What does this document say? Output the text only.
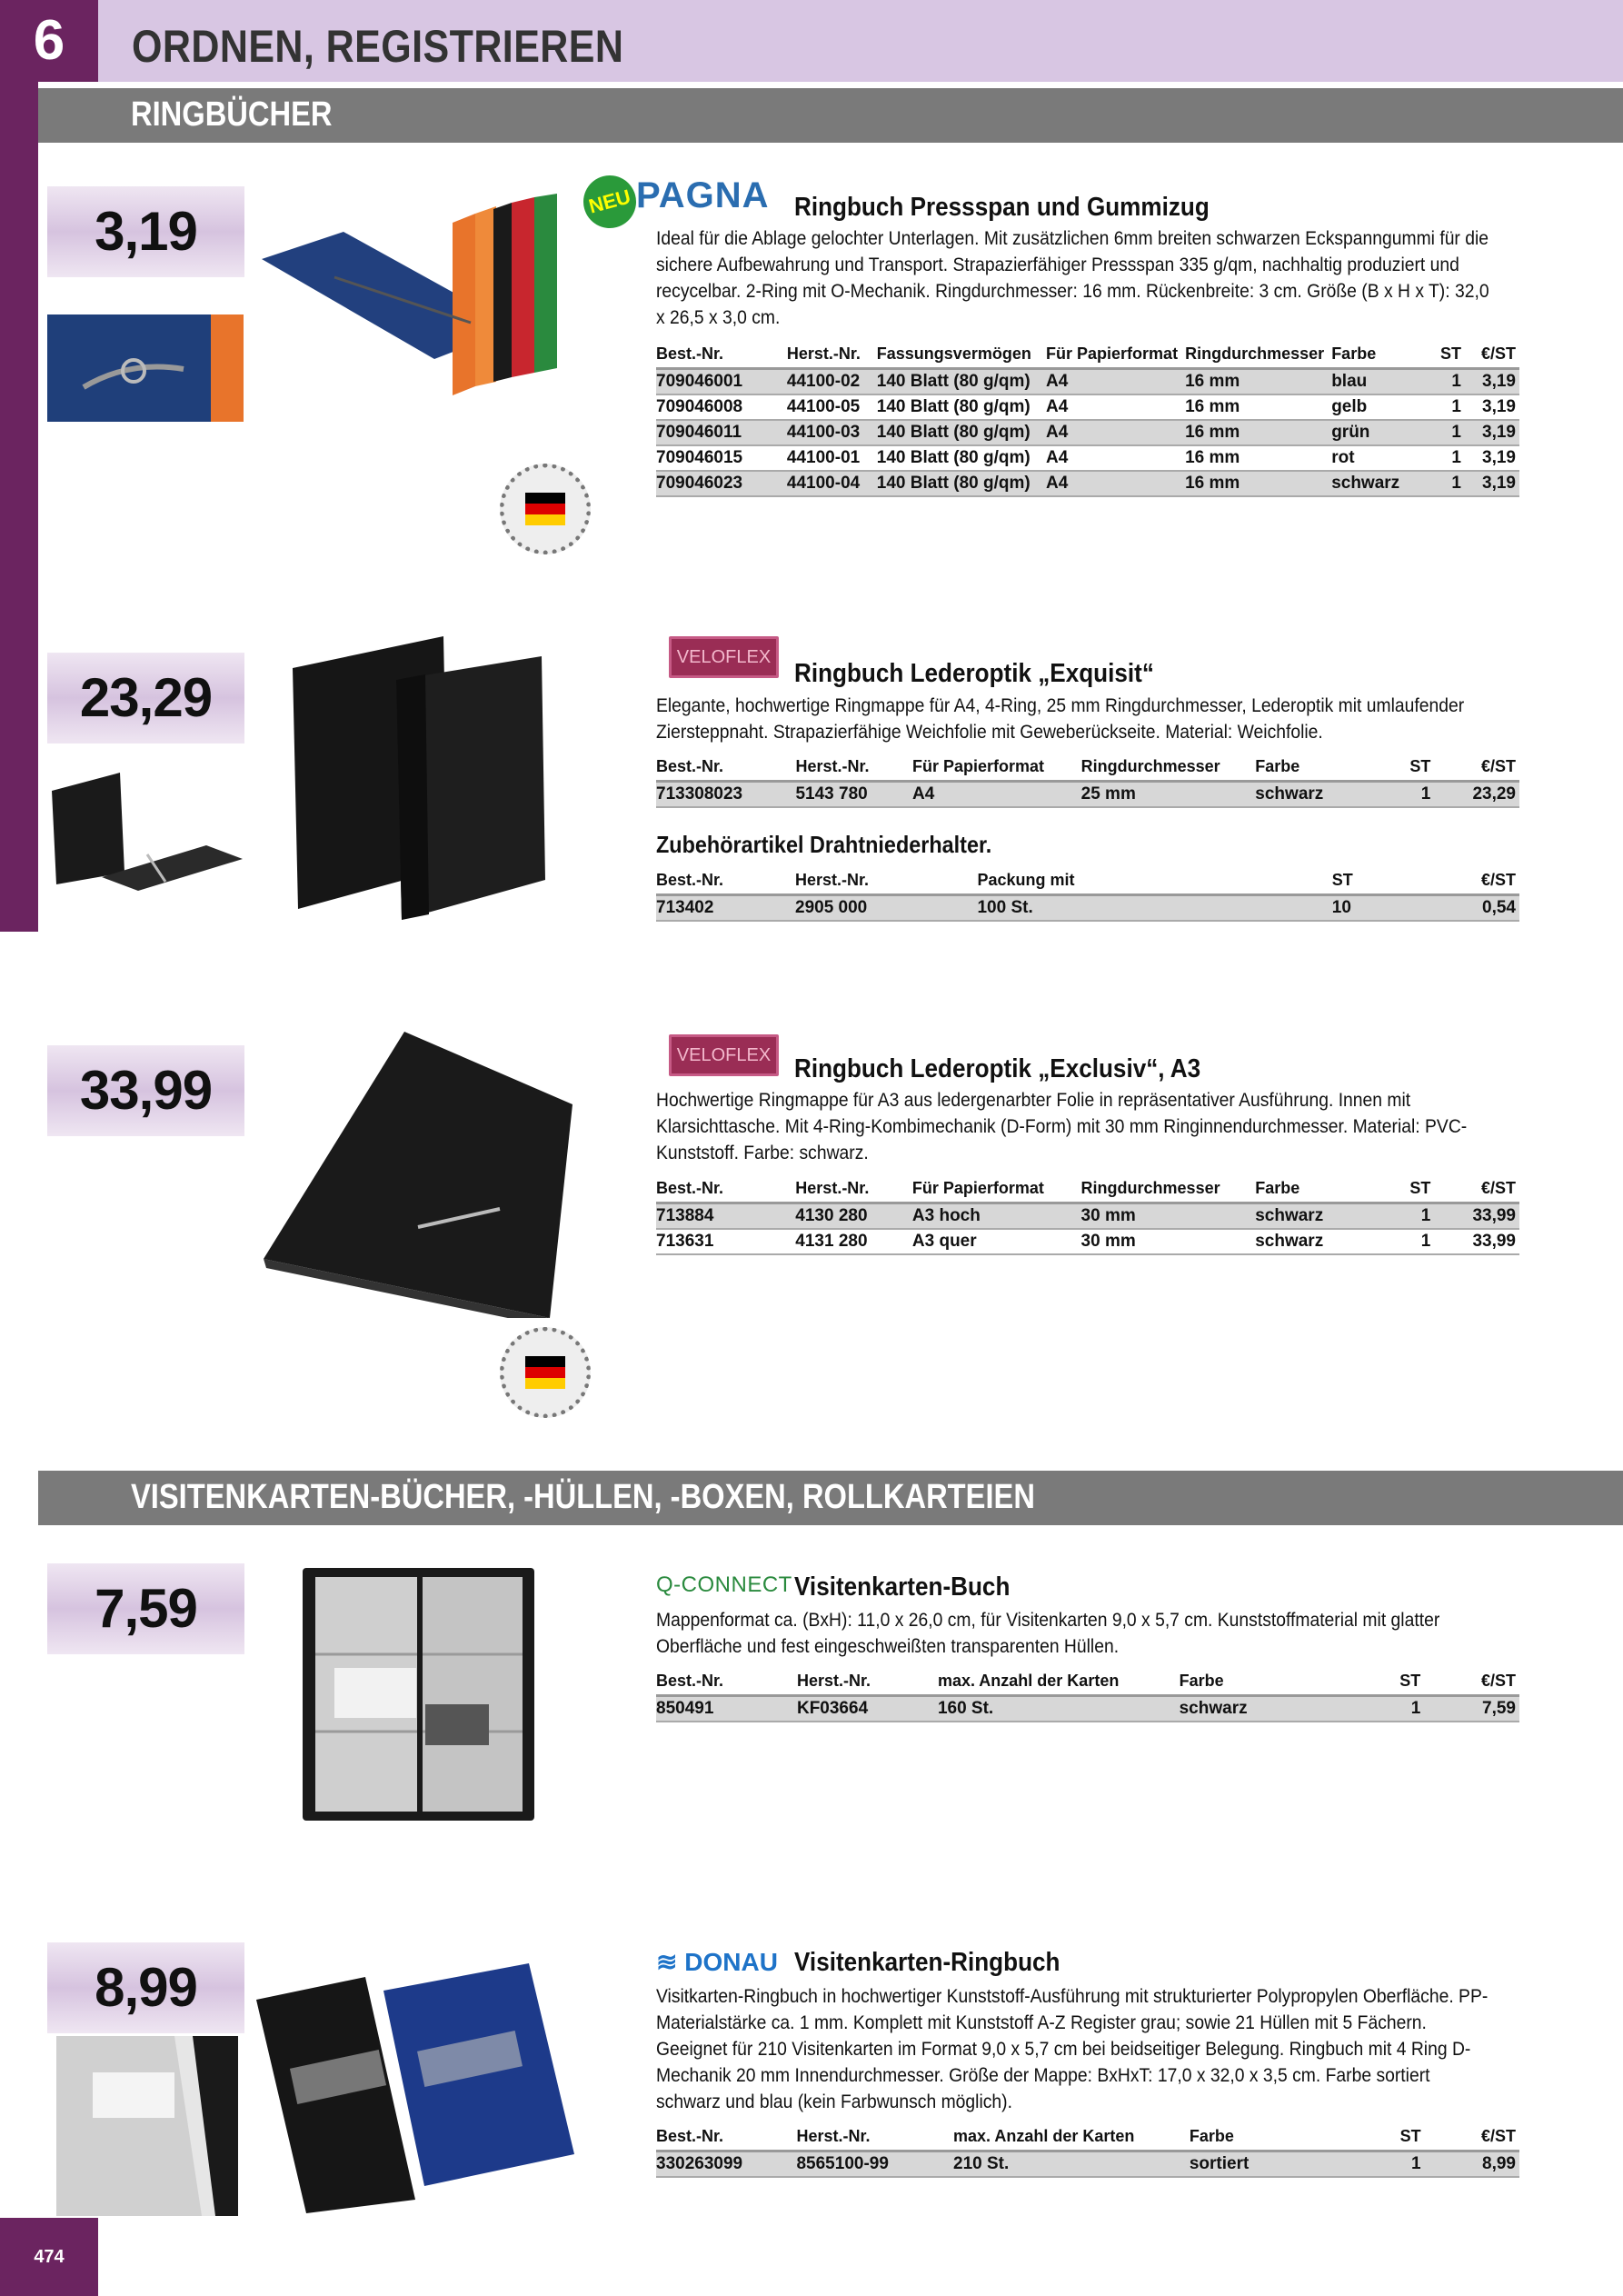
6	ORDNEN, REGISTRIEREN
RINGBÜCHER
3,19	NEU PAGNA Ringbuch Pressspan und Gummizug
Ideal für die Ablage gelochter Unterlagen. Mit zusätzlichen 6mm breiten schwarzen Eckspanngummi für die sichere Aufbewahrung und Transport. Strapazierfähiger Pressspan 335 g/qm, nachhaltig produziert und recycelbar. 2-Ring mit O-Mechanik. Ringdurchmesser: 16 mm. Rückenbreite: 3 cm. Größe (B x H x T): 32,0 x 26,5 x 3,0 cm.
Best.-Nr.	Herst.-Nr.	Fassungsvermögen	Für Papierformat	Ringdurchmesser	Farbe	ST	€/ST
709046001	44100-02	140 Blatt (80 g/qm)	A4	16 mm	blau	1	3,19
709046008	44100-05	140 Blatt (80 g/qm)	A4	16 mm	gelb	1	3,19
709046011	44100-03	140 Blatt (80 g/qm)	A4	16 mm	grün	1	3,19
709046015	44100-01	140 Blatt (80 g/qm)	A4	16 mm	rot	1	3,19
709046023	44100-04	140 Blatt (80 g/qm)	A4	16 mm	schwarz	1	3,19
23,29
VELOFLEX
Ringbuch Lederoptik „Exquisit“
Elegante, hochwertige Ringmappe für A4, 4-Ring, 25 mm Ringdurchmesser, Lederoptik mit umlaufender Ziersteppnaht. Strapazierfähige Weichfolie mit Geweberückseite. Material: Weichfolie.
Best.-Nr.	Herst.-Nr.	Für Papierformat	Ringdurchmesser	Farbe	ST	€/ST
713308023	5143 780	A4	25 mm	schwarz	1	23,29
Zubehörartikel Drahtniederhalter.
Best.-Nr.	Herst.-Nr.	Packung mit	ST	€/ST
713402	2905 000	100 St.	10	0,54
33,99
VELOFLEX Ringbuch Lederoptik „Exclusiv“, A3
Hochwertige Ringmappe für A3 aus ledergenarbter Folie in repräsentativer Ausführung. Innen mit Klarsichttasche. Mit 4-Ring-Kombimechanik (D-Form) mit 30 mm Ringinnendurchmesser. Material: PVC-Kunststoff. Farbe: schwarz.
Best.-Nr.	Herst.-Nr.	Für Papierformat	Ringdurchmesser	Farbe	ST	€/ST
713884	4130 280	A3 hoch	30 mm	schwarz	1	33,99
713631	4131 280	A3 quer	30 mm	schwarz	1	33,99
VISITENKARTEN-BÜCHER, -HÜLLEN, -BOXEN, ROLLKARTEIEN
7,59	Q-CONNECT Visitenkarten-Buch
Mappenformat ca. (BxH): 11,0 x 26,0 cm, für Visitenkarten 9,0 x 5,7 cm. Kunststoffmaterial mit glatter Oberfläche und fest eingeschweißten transparenten Hüllen.
Best.-Nr.	Herst.-Nr.	max. Anzahl der Karten	Farbe	ST	€/ST
850491	KF03664	160 St.	schwarz	1	7,59
8,99	≋ DONAU Visitenkarten-Ringbuch
Visitkarten-Ringbuch in hochwertiger Kunststoff-Ausführung mit strukturierter Polypropylen Oberfläche. PP-Materialstärke ca. 1 mm. Komplett mit Kunststoff A-Z Register grau; sowie 21 Hüllen mit 5 Fächern. Geeignet für 210 Visitenkarten im Format 9,0 x 5,7 cm bei beidseitiger Belegung. Ringbuch mit 4 Ring D-Mechanik 20 mm Innendurchmesser. Größe der Mappe: BxHxT: 17,0 x 32,0 x 3,5 cm. Farbe sortiert schwarz und blau (kein Farbwunsch möglich).
Best.-Nr.	Herst.-Nr.	max. Anzahl der Karten	Farbe	ST	€/ST
330263099	8565100-99	210 St.	sortiert	1	8,99
474
